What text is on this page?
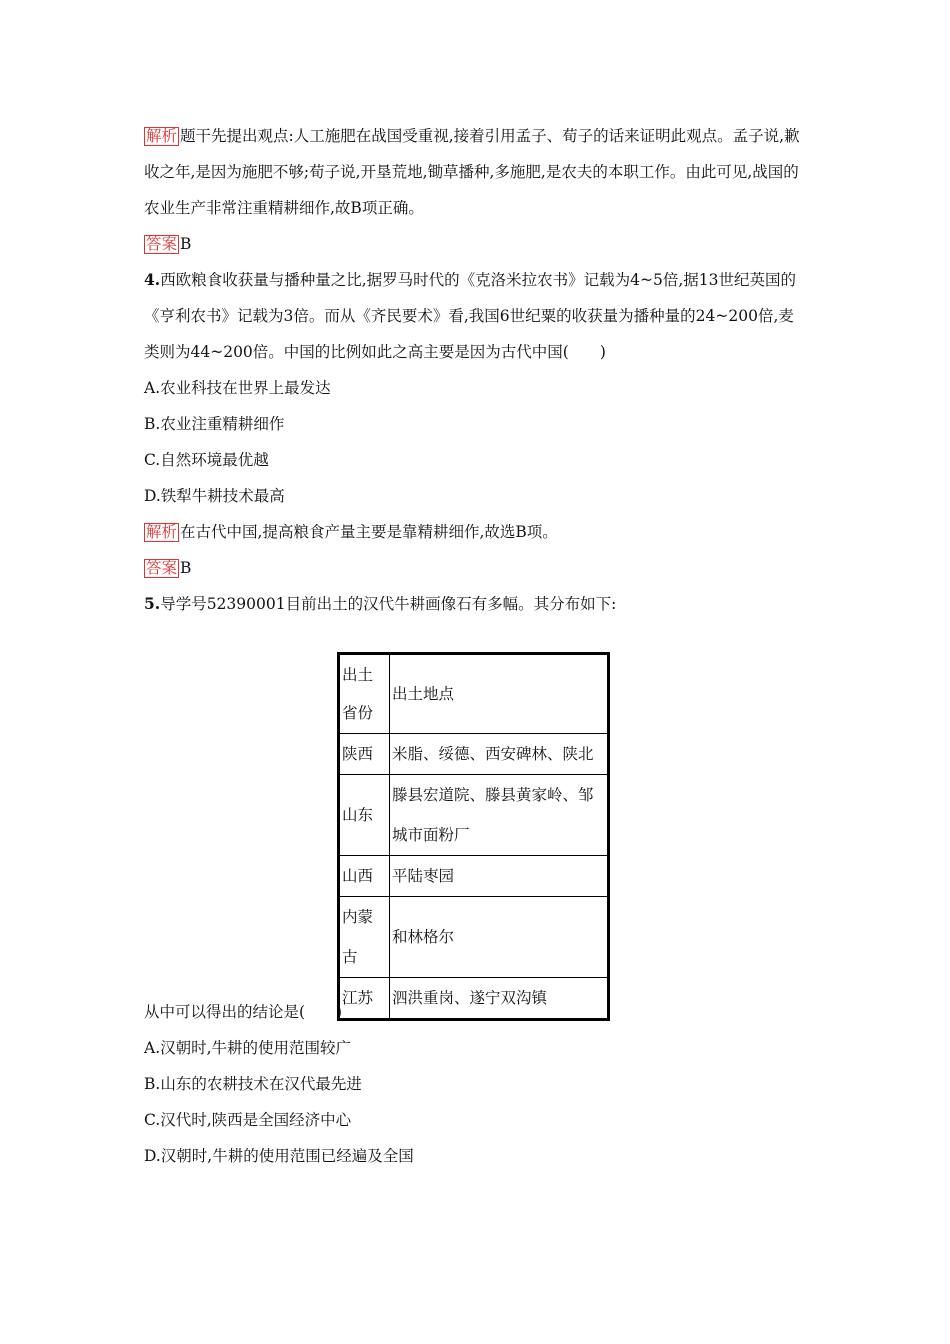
解析 题干先提出观点:人工施肥在战国受重视,接着引用孟子、荀子的话来证明此观点。孟子说,歉收之年,是因为施肥不够;荀子说,开垦荒地,锄草播种,多施肥,是农夫的本职工作。由此可见,战国的农业生产非常注重精耕细作,故B项正确。

答案 B

4.西欧粮食收获量与播种量之比,据罗马时代的《克洛米拉农书》记载为4~5倍,据13世纪英国的《亨利农书》记载为3倍。而从《齐民要术》看,我国6世纪粟的收获量为播种量的24~200倍,麦类则为44~200倍。中国的比例如此之高主要是因为古代中国(　　)

A.农业科技在世界上最发达

B.农业注重精耕细作

C.自然环境最优越

D.铁犁牛耕技术最高

解析 在古代中国,提高粮食产量主要是靠精耕细作,故选B项。

答案 B

5.导学号52390001目前出土的汉代牛耕画像石有多幅。其分布如下:

出土省份	出土地点
陕西	米脂、绥德、西安碑林、陕北
山东	滕县宏道院、滕县黄家岭、邹城市面粉厂
山西	平陆枣园
内蒙古	和林格尔
江苏	泗洪重岗、遂宁双沟镇

从中可以得出的结论是(　　)

A.汉朝时,牛耕的使用范围较广

B.山东的农耕技术在汉代最先进

C.汉代时,陕西是全国经济中心

D.汉朝时,牛耕的使用范围已经遍及全国
